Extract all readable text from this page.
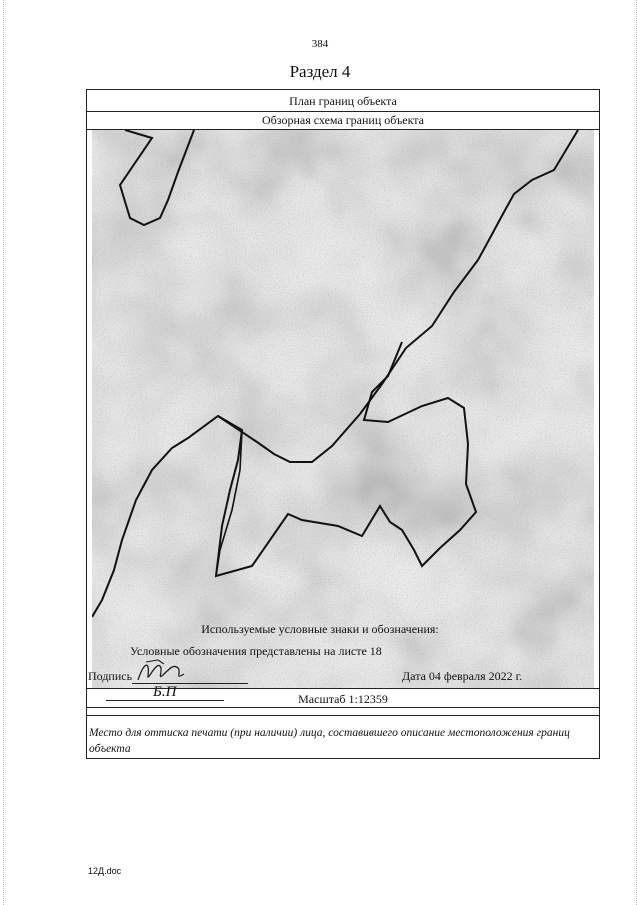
384
Раздел 4
План границ объекта
Обзорная схема границ объекта
Масштаб 1:12359
Используемые условные знаки и обозначения:
Условные обозначения представлены на листе 18
Подпись
Б.П
Дата 04 февраля 2022 г.
Место для оттиска печати (при наличии) лица, составившего описание местоположения границ объекта
12Д.doc
